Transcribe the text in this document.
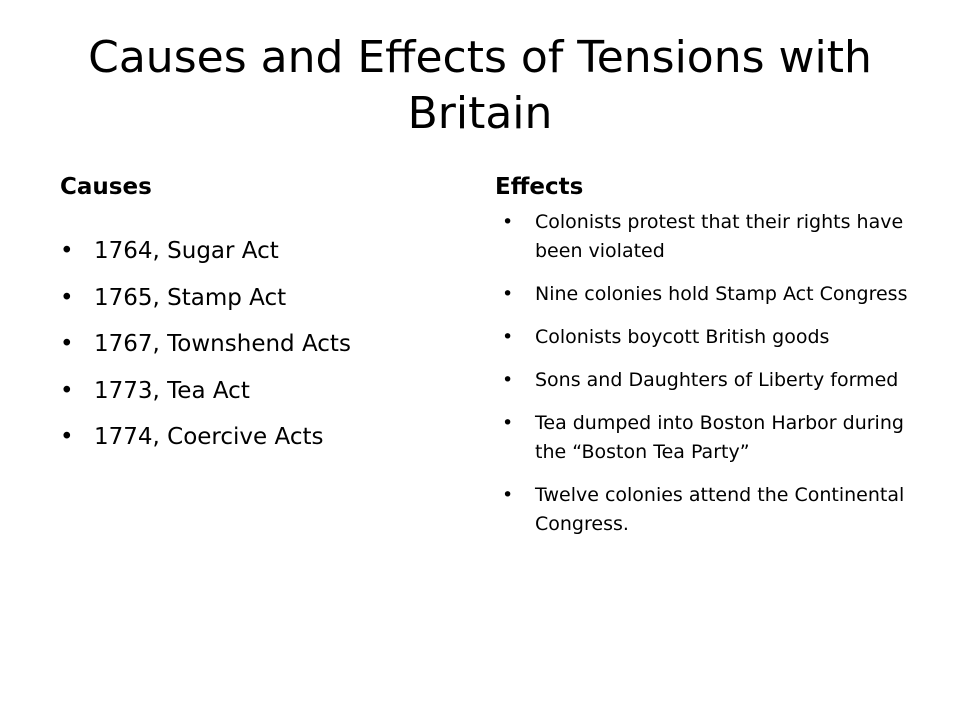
Causes and Effects of Tensions with Britain
Causes
• 1764, Sugar Act
• 1765, Stamp Act
• 1767, Townshend Acts
• 1773, Tea Act
• 1774, Coercive Acts
Effects
• Colonists protest that their rights have been violated
• Nine colonies hold Stamp Act Congress
• Colonists boycott British goods
• Sons and Daughters of Liberty formed
• Tea dumped into Boston Harbor during the “Boston Tea Party”
• Twelve colonies attend the Continental Congress.
